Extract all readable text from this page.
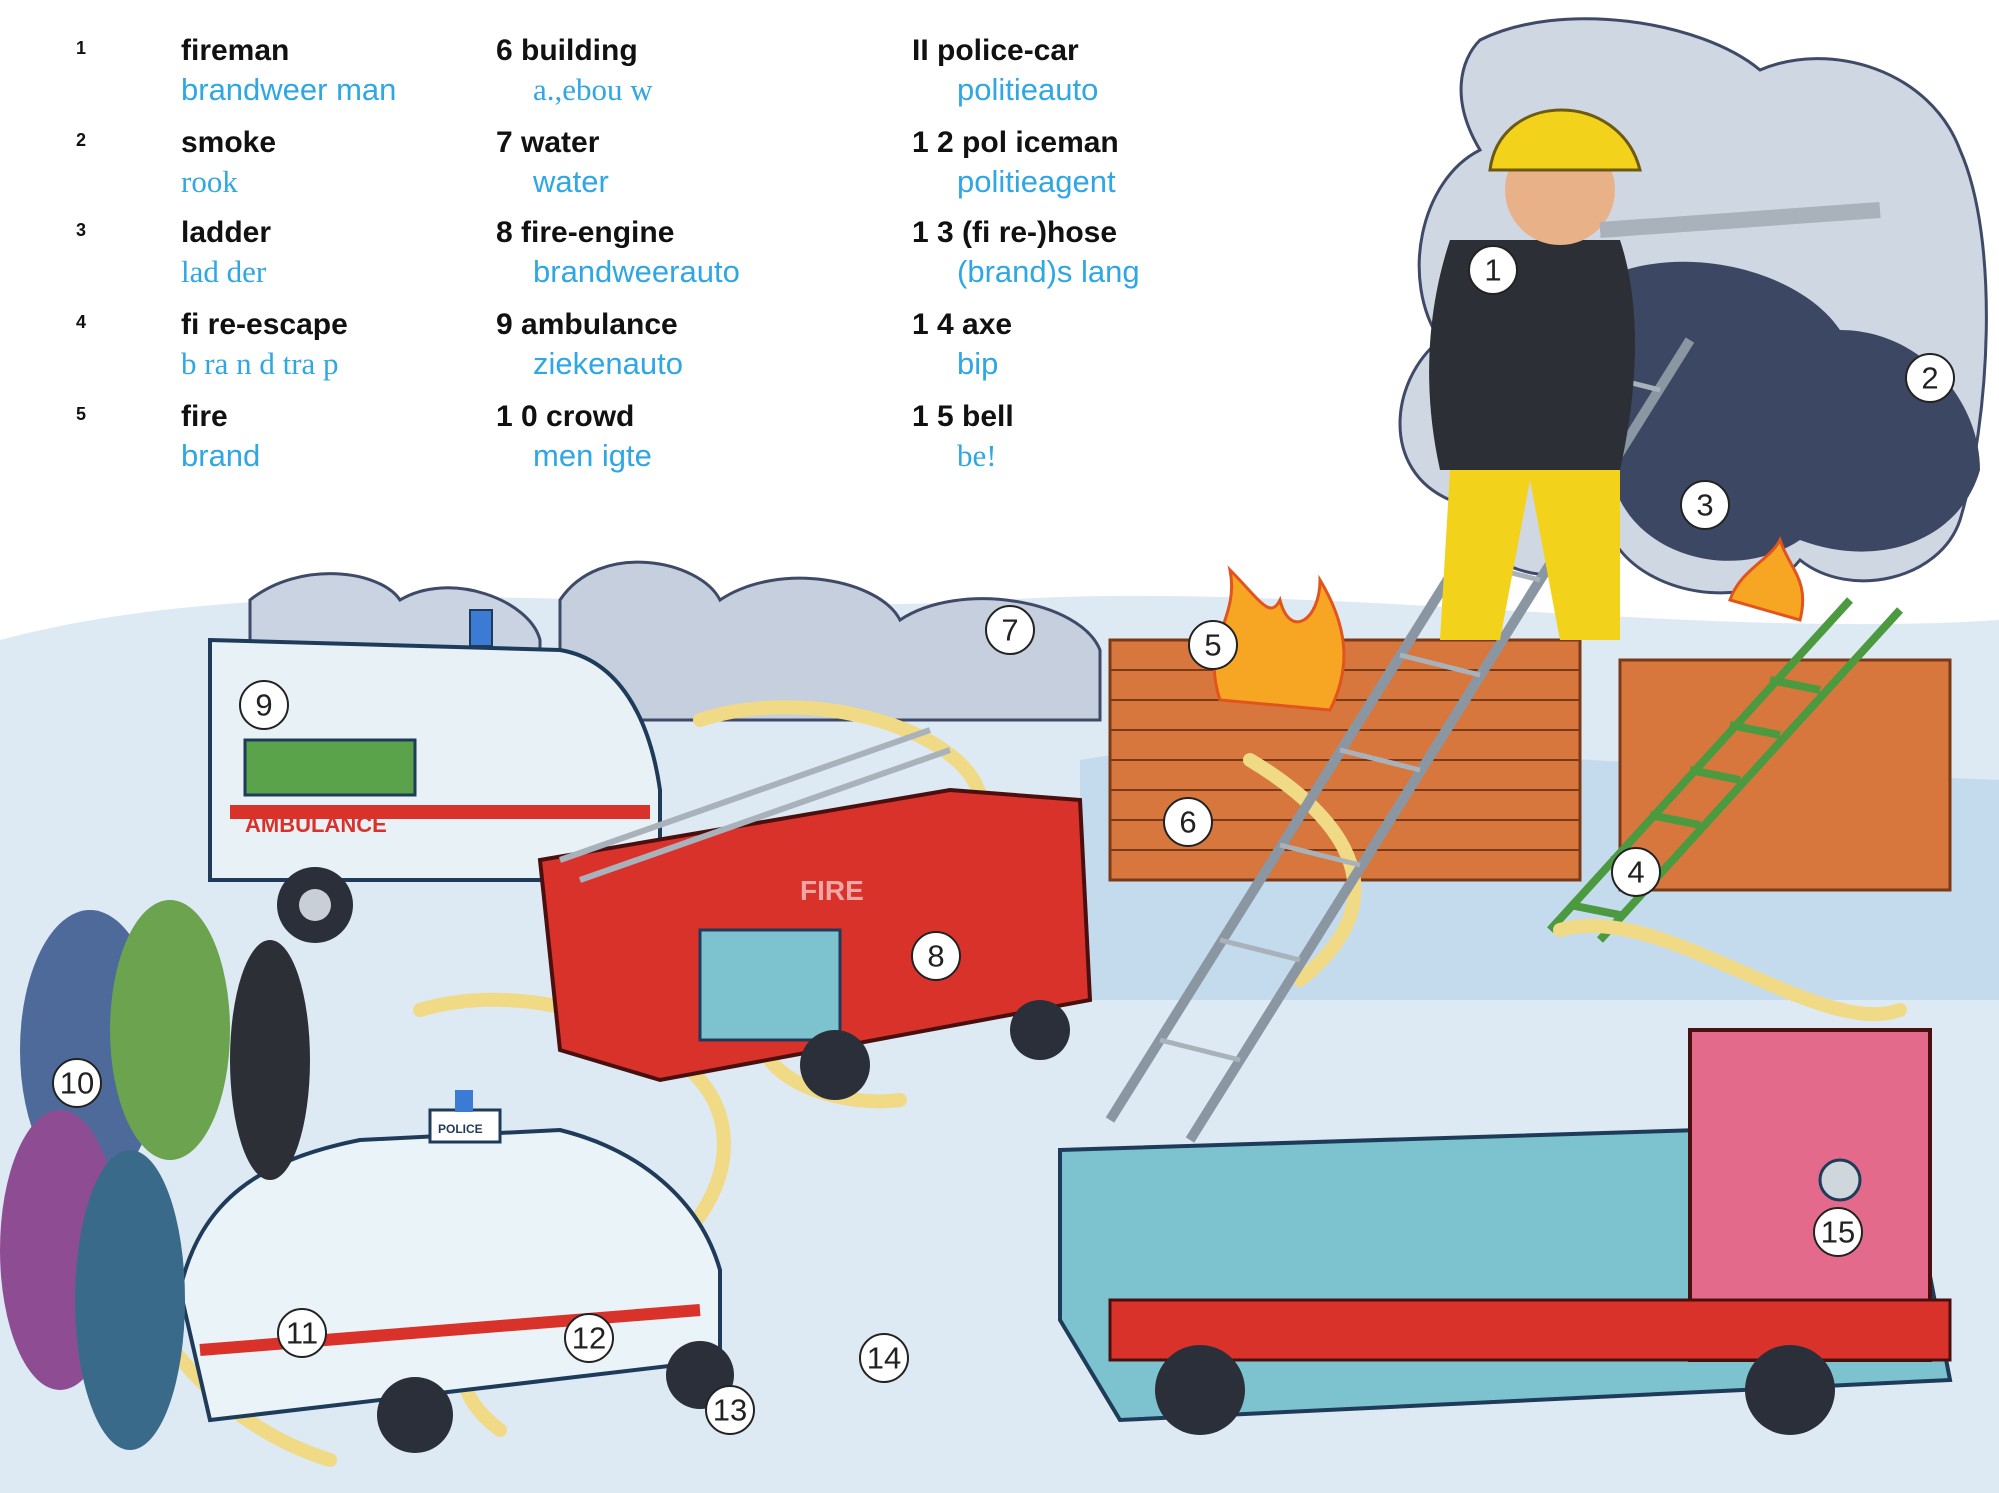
AMBULANCE
FIRE
POLICE
1
2
3
4
5
6
7
8
9
10
11	12
13
14
15
1	fireman
brandweer man
2	smoke
rook
3	ladder
lad der
4	fi re-escape
b ra n d tra p
5	fire
brand
6 building
a.,ebou w
7 water
water
8 fire-engine
brandweerauto
9 ambulance
ziekenauto
1 0 crowd
men igte
II police-car
politieauto
1 2 pol iceman
politieagent
1 3 (fi re-)hose
(brand)s lang
1 4 axe
bip
1 5 bell
be!
